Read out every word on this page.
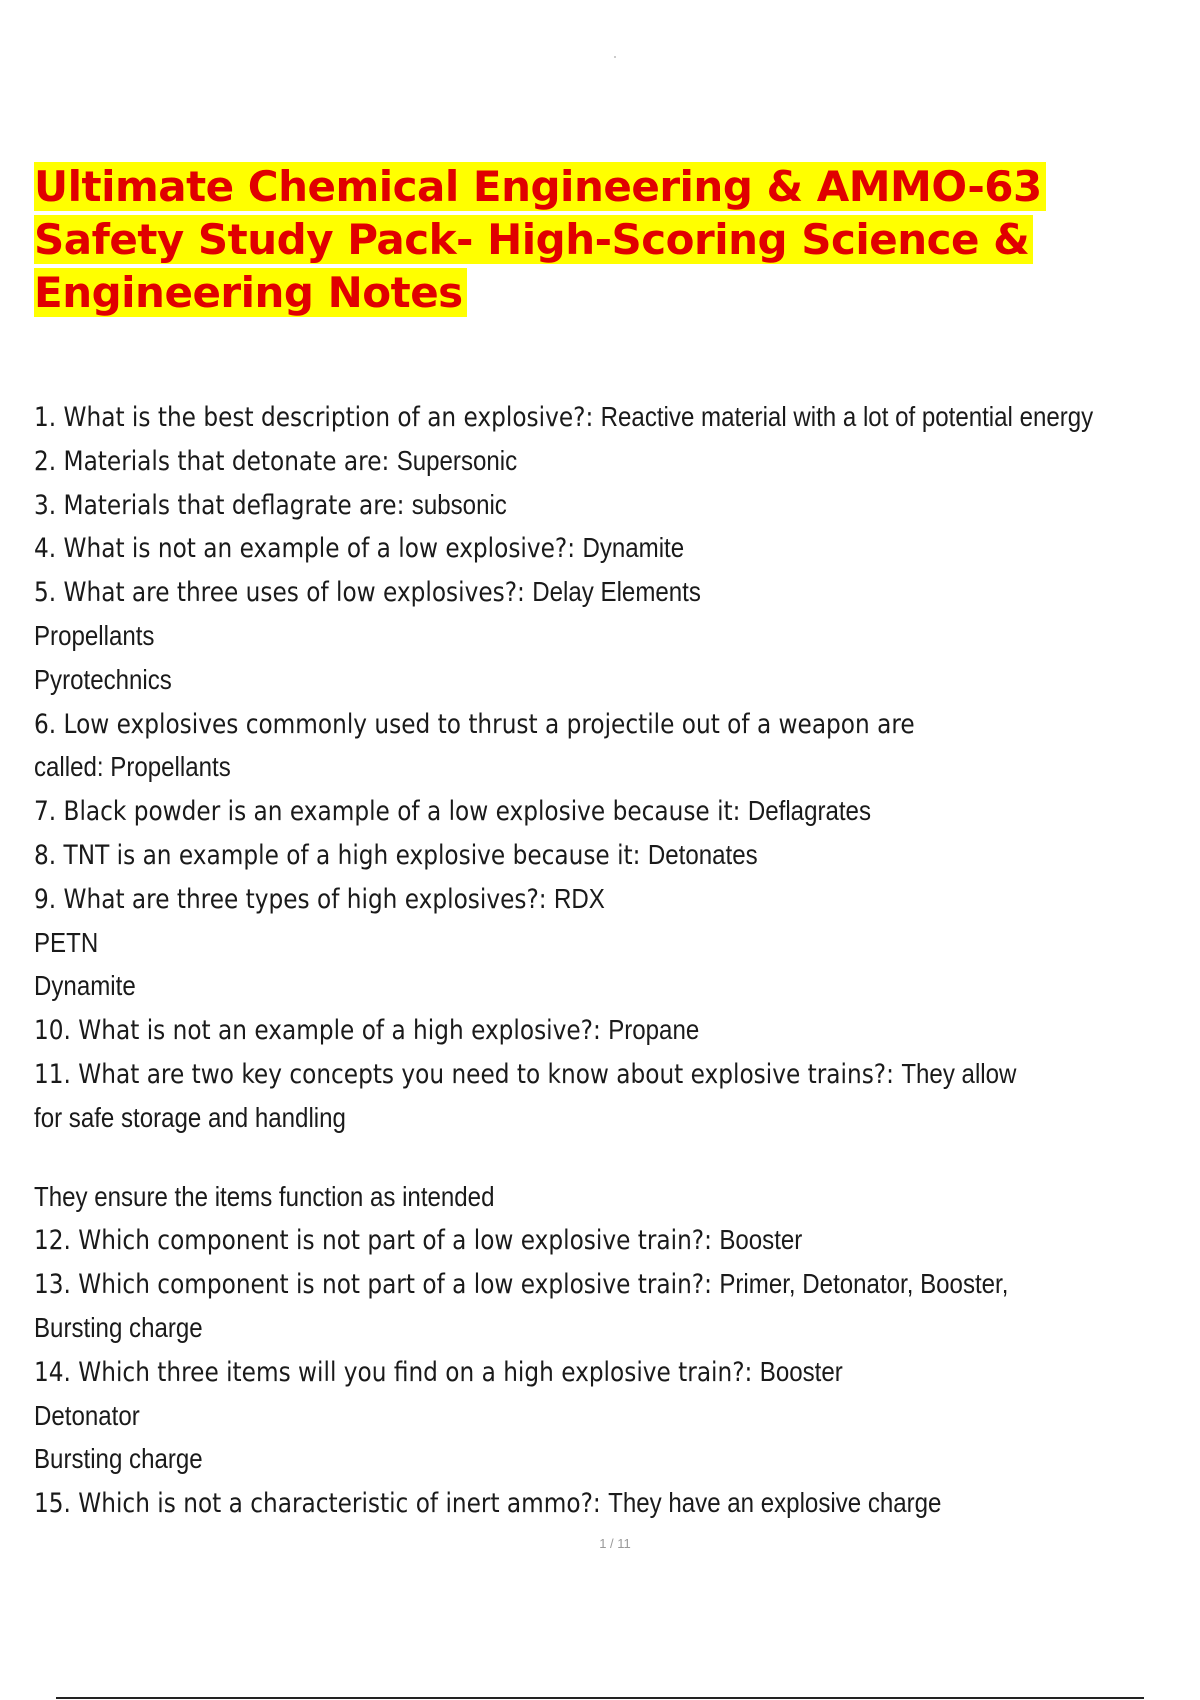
Ultimate Chemical Engineering & AMMO-63 Safety Study Pack- High-Scoring Science & Engineering Notes
1. What is the best description of an explosive?: Reactive material with a lot of potential energy
2. Materials that detonate are: Supersonic
3. Materials that deflagrate are: subsonic
4. What is not an example of a low explosive?: Dynamite
5. What are three uses of low explosives?: Delay Elements
Propellants
Pyrotechnics
6. Low explosives commonly used to thrust a projectile out of a weapon are
called: Propellants
7. Black powder is an example of a low explosive because it: Deflagrates
8. TNT is an example of a high explosive because it: Detonates
9. What are three types of high explosives?: RDX
PETN
Dynamite
10. What is not an example of a high explosive?: Propane
11. What are two key concepts you need to know about explosive trains?: They allow
for safe storage and handling
They ensure the items function as intended
12. Which component is not part of a low explosive train?: Booster
13. Which component is not part of a low explosive train?: Primer, Detonator, Booster,
Bursting charge
14. Which three items will you find on a high explosive train?: Booster
Detonator
Bursting charge
15. Which is not a characteristic of inert ammo?: They have an explosive charge
1 / 11
